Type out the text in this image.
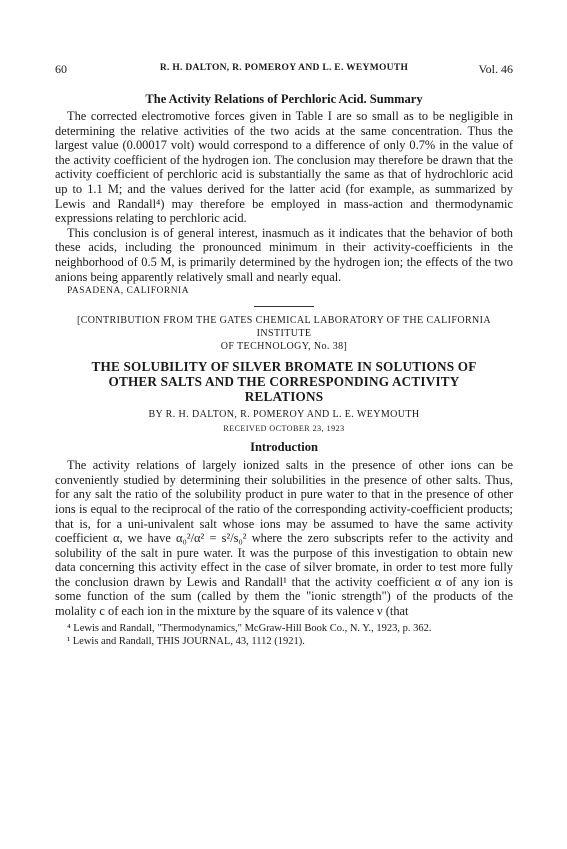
60	R. H. DALTON, R. POMEROY AND L. E. WEYMOUTH	Vol. 46
The Activity Relations of Perchloric Acid. Summary

The corrected electromotive forces given in Table I are so small as to be negligible in determining the relative activities of the two acids at the same concentration. Thus the largest value (0.00017 volt) would correspond to a difference of only 0.7% in the value of the activity coefficient of the hydrogen ion. The conclusion may therefore be drawn that the activity coefficient of perchloric acid is substantially the same as that of hydrochloric acid up to 1.1 M; and the values derived for the latter acid (for example, as summarized by Lewis and Randall⁴) may therefore be employed in mass-action and thermodynamic expressions relating to perchloric acid.

This conclusion is of general interest, inasmuch as it indicates that the behavior of both these acids, including the pronounced minimum in their activity-coefficients in the neighborhood of 0.5 M, is primarily determined by the hydrogen ion; the effects of the two anions being apparently relatively small and nearly equal.

PASADENA, CALIFORNIA
[CONTRIBUTION FROM THE GATES CHEMICAL LABORATORY OF THE CALIFORNIA INSTITUTE
OF TECHNOLOGY, No. 38]
THE SOLUBILITY OF SILVER BROMATE IN SOLUTIONS OF
OTHER SALTS AND THE CORRESPONDING ACTIVITY
RELATIONS
BY R. H. DALTON, R. POMEROY AND L. E. WEYMOUTH
RECEIVED OCTOBER 23, 1923
Introduction

The activity relations of largely ionized salts in the presence of other ions can be conveniently studied by determining their solubilities in the presence of other salts. Thus, for any salt the ratio of the solubility product in pure water to that in the presence of other ions is equal to the reciprocal of the ratio of the corresponding activity-coefficient products; that is, for a uni-univalent salt whose ions may be assumed to have the same activity coefficient α, we have α₀²/α² = s²/s₀² where the zero subscripts refer to the activity and solubility of the salt in pure water. It was the purpose of this investigation to obtain new data concerning this activity effect in the case of silver bromate, in order to test more fully the conclusion drawn by Lewis and Randall¹ that the activity coefficient α of any ion is some function of the sum (called by them the "ionic strength") of the products of the molality c of each ion in the mixture by the square of its valence ν (that

⁴ Lewis and Randall, "Thermodynamics," McGraw-Hill Book Co., N. Y., 1923, p. 362.

¹ Lewis and Randall, THIS JOURNAL, 43, 1112 (1921).
